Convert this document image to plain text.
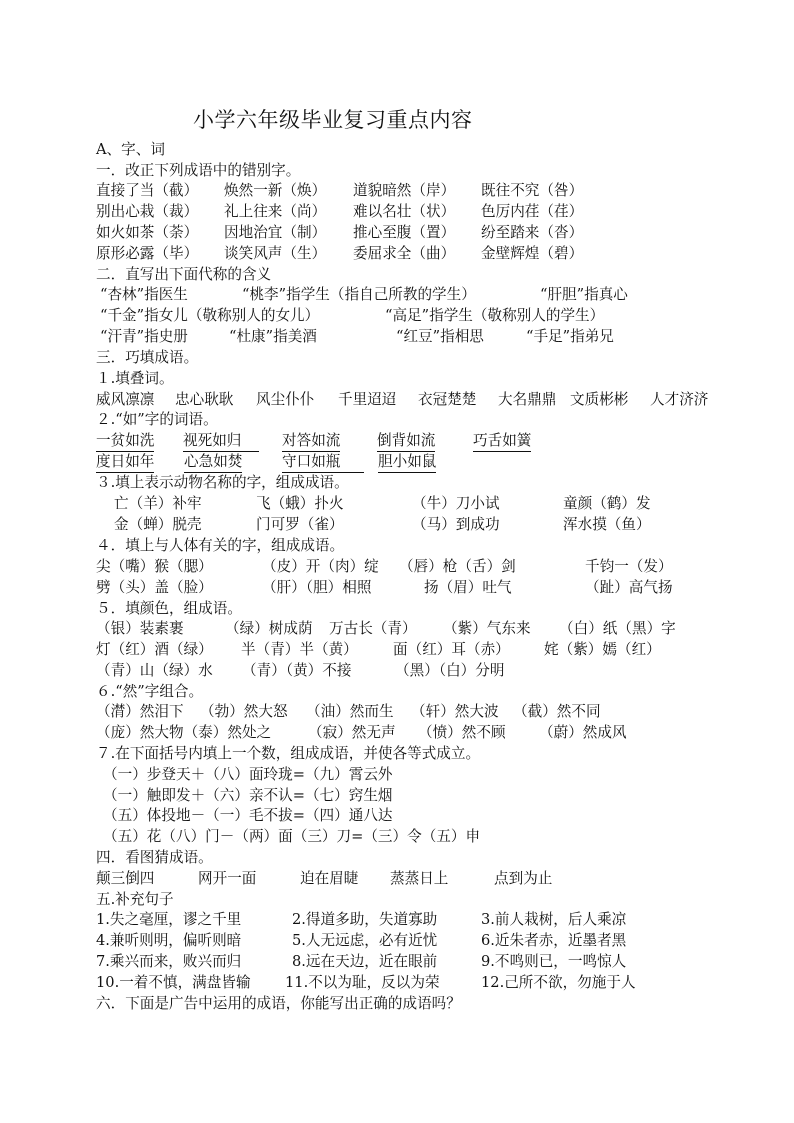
小学六年级毕业复习重点内容
A、字、词
一．改正下列成语中的错别字。
直接了当（截） 焕然一新（焕） 道貌暗然（岸） 既往不究（咎）
别出心栽（裁） 礼上往来（尚） 难以名壮（状） 色厉内荏（荏）
如火如茶（荼） 因地治宜（制） 推心至腹（置） 纷至踏来（沓）
原形必露（毕） 谈笑风声（生） 委屈求全（曲） 金壁辉煌（碧）
二．直写出下面代称的含义
“杏林”指医生	“桃李”指学生（指自己所教的学生）	“肝胆”指真心
“千金”指女儿（敬称别人的女儿）	“高足”指学生（敬称别人的学生）
“汗青”指史册	“杜康”指美酒	“红豆”指相思	“手足”指弟兄
三．巧填成语。
１.填叠词。
威风凛凛 忠心耿耿 风尘仆仆 千里迢迢 衣冠楚楚 大名鼎鼎 文质彬彬 人才济济
２.“如”字的词语。
一贫如洗 视死如归	对答如流	倒背如流	巧舌如簧
度日如年 心急如焚	守口如瓶	胆小如鼠
３.填上表示动物名称的字，组成成语。
亡（羊）补牢	飞（蛾）扑火	（牛）刀小试	童颜（鹤）发
金（蝉）脱壳	门可罗（雀）	（马）到成功	浑水摸（鱼）
４．填上与人体有关的字，组成成语。
尖（嘴）猴（腮）	（皮）开（肉）绽 （唇）枪（舌）剑	千钧一（发）
劈（头）盖（脸）	（肝）（胆）相照	扬（眉）吐气	（趾）高气扬
５．填颜色，组成语。
（银）装素裹	（绿）树成荫 万古长（青） （紫）气东来 （白）纸（黑）字
灯（红）酒（绿） 半（青）半（黄） 面（红）耳（赤） 姹（紫）嫣（红）
（青）山（绿）水 （青）（黄）不接	（黑）（白）分明
６.“然”字组合。
（潸）然泪下 （勃）然大怒 （油）然而生 （轩）然大波 （截）然不同
（庞）然大物（泰）然处之	（寂）然无声 （愤）然不顾 （蔚）然成风
７.在下面括号内填上一个数，组成成语，并使各等式成立。
（一）步登天＋（八）面玲珑=（九）霄云外
（一）触即发＋（六）亲不认=（七）窍生烟
（五）体投地－（一）毛不拔=（四）通八达
（五）花（八）门－（两）面（三）刀=（三）令（五）申
四．看图猜成语。
颠三倒四	网开一面	迫在眉睫 蒸蒸日上	点到为止
五.补充句子
1.失之毫厘，谬之千里	2.得道多助，失道寡助	3.前人栽树，后人乘凉
4.兼听则明，偏听则暗	5.人无远虑，必有近忧	6.近朱者赤，近墨者黑
7.乘兴而来，败兴而归	8.远在天边，近在眼前	9.不鸣则已，一鸣惊人
10.一着不慎，满盘皆输 11.不以为耻，反以为荣	12.己所不欲，勿施于人
六．下面是广告中运用的成语，你能写出正确的成语吗？
